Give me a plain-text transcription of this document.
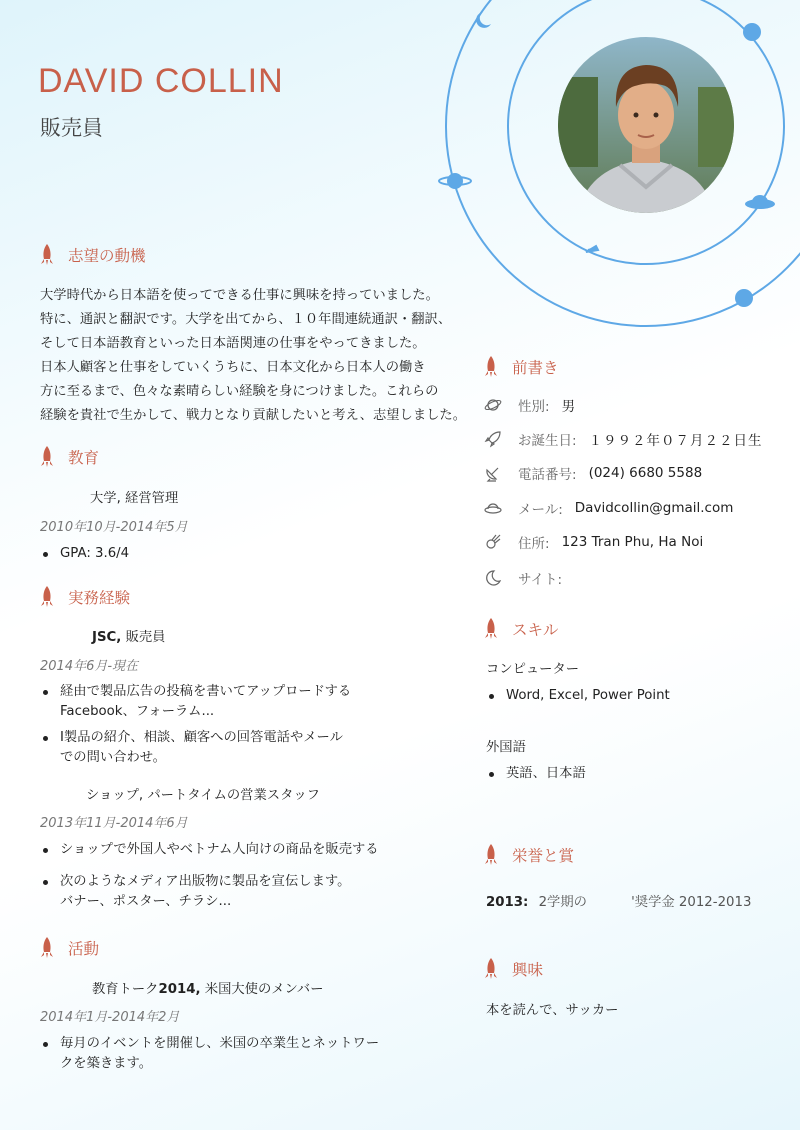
DAVID COLLIN
販売員
志望の動機
大学時代から日本語を使ってできる仕事に興味を持っていました。
特に、通訳と翻訳です。大学を出てから、１０年間連続通訳・翻訳、
そして日本語教育といった日本語関連の仕事をやってきました。
日本人顧客と仕事をしていくうちに、日本文化から日本人の働き
方に至るまで、色々な素晴らしい経験を身につけました。これらの
経験を貴社で生かして、戦力となり貢献したいと考え、志望しました。
教育
大学, 経営管理
2010年10月-2014年5月
GPA: 3.6/4
実務経験
JSC, 販売員
2014年6月-現在
経由で製品広告の投稿を書いてアップロードする
Facebook、フォーラム...
I製品の紹介、相談、顧客への回答電話やメール
での問い合わせ。
ショップ, パートタイムの営業スタッフ
2013年11月-2014年6月
ショップで外国人やベトナム人向けの商品を販売する
次のようなメディア出版物に製品を宣伝します。
バナー、ポスター、チラシ...
活動
教育トーク2014, 米国大使のメンバー
2014年1月-2014年2月
毎月のイベントを開催し、米国の卒業生とネットワー
クを築きます。
前書き
性別: 男
お誕生日: １９９２年０７月２２日生
電話番号: (024) 6680 5588
メール: Davidcollin@gmail.com
住所: 123 Tran Phu, Ha Noi
サイト:
スキル
コンピューター
Word, Excel, Power Point
外国語
英語、日本語
栄誉と賞
2013: 2学期の	'奨学金 2012-2013
興味
本を読んで、サッカー
